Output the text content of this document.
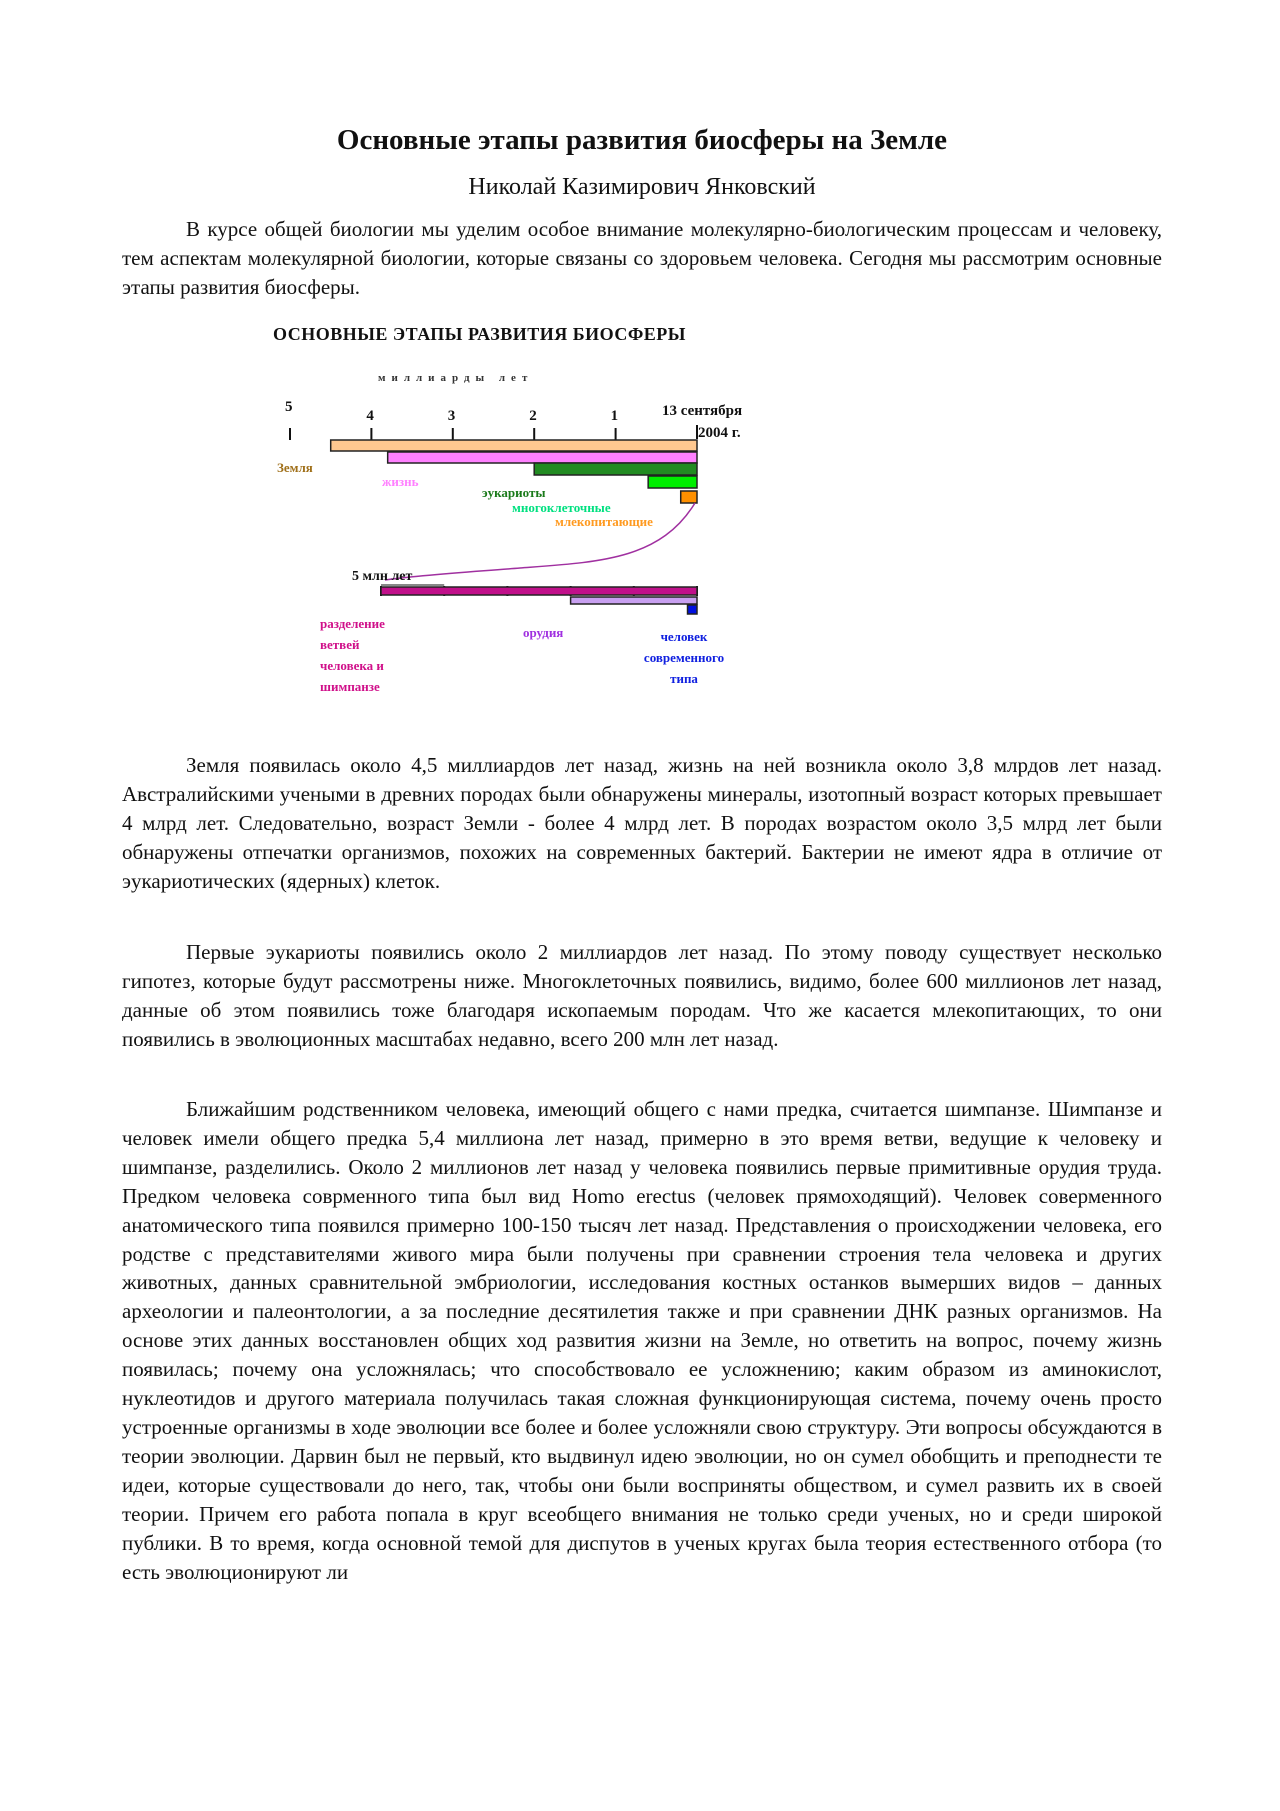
ОСНОВНЫЕ ЭТАПЫ РАЗВИТИЯ БИОСФЕРЫ
миллиарды лет
5
4	3	2	1	13 сентября
2004 г.
Земля
жизнь
эукариоты
многоклеточные
млекопитающие
5 млн лет
разделение
ветвей
человека и
шимпанзе
орудия	человек
современного
типа
Основные этапы развития биосферы на Земле
Николай Казимирович Янковский

В курсе общей биологии мы уделим особое внимание молекулярно-биологическим процессам и человеку, тем аспектам молекулярной биологии, которые связаны со здоровьем человека. Сегодня мы рассмотрим основные этапы развития биосферы.

Земля появилась около 4,5 миллиардов лет назад, жизнь на ней возникла около 3,8 млрдов лет назад. Австралийскими учеными в древних породах были обнаружены минералы, изотопный возраст которых превышает 4 млрд лет. Следовательно, возраст Земли - более 4 млрд лет. В породах возрастом около 3,5 млрд лет были обнаружены отпечатки организмов, похожих на современных бактерий. Бактерии не имеют ядра в отличие от эукариотических (ядерных) клеток.

Первые эукариоты появились около 2 миллиардов лет назад. По этому поводу существует несколько гипотез, которые будут рассмотрены ниже. Многоклеточных появились, видимо, более 600 миллионов лет назад, данные об этом появились тоже благодаря ископаемым породам. Что же касается млекопитающих, то они появились в эволюционных масштабах недавно, всего 200 млн лет назад.

Ближайшим родственником человека, имеющий общего с нами предка, считается шимпанзе. Шимпанзе и человек имели общего предка 5,4 миллиона лет назад, примерно в это время ветви, ведущие к человеку и шимпанзе, разделились. Около 2 миллионов лет назад у человека появились первые примитивные орудия труда. Предком человека соврменного типа был вид Homo erectus (человек прямоходящий). Человек соверменного анатомического типа появился примерно 100-150 тысяч лет назад. Представления о происходжении человека, его родстве с представителями живого мира были получены при сравнении строения тела человека и других животных, данных сравнительной эмбриологии, исследования костных останков вымерших видов – данных археологии и палеонтологии, а за последние десятилетия также и при сравнении ДНК разных организмов. На основе этих данных восстановлен общих ход развития жизни на Земле, но ответить на вопрос, почему жизнь появилась; почему она усложнялась; что способствовало ее усложнению; каким образом из аминокислот, нуклеотидов и другого материала получилась такая сложная функционирующая система, почему очень просто устроенные организмы в ходе эволюции все более и более усложняли свою структуру. Эти вопросы обсуждаются в теории эволюции. Дарвин был не первый, кто выдвинул идею эволюции, но он сумел обобщить и преподнести те идеи, которые существовали до него, так, чтобы они были восприняты обществом, и сумел развить их в своей теории. Причем его работа попала в круг всеобщего внимания не только среди ученых, но и среди широкой публики. В то время, когда основной темой для диспутов в ученых кругах была теория естественного отбора (то есть эволюционируют ли
